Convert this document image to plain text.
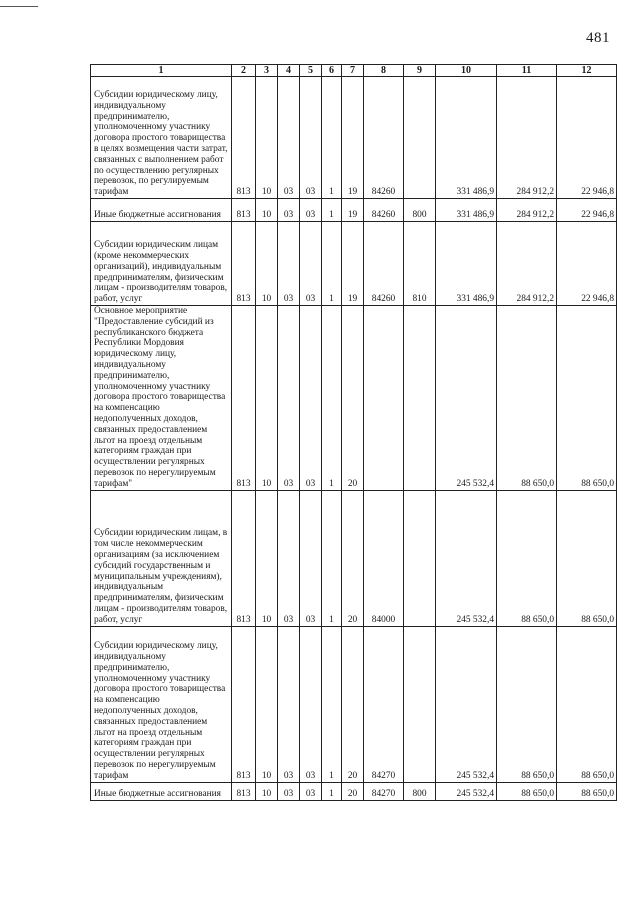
481
1	2	3	4	5	6	7	8	9	10	11	12
Субсидии юридическому лицу, индивидуальному предпринимателю, уполномоченному участнику договора простого товарищества в целях возмещения части затрат, связанных с выполнением работ по осуществлению регулярных перевозок, по регулируемым тарифам	813	10	03	03	1	19	84260		331 486,9	284 912,2	22 946,8
Иные бюджетные ассигнования	813	10	03	03	1	19	84260	800	331 486,9	284 912,2	22 946,8
Субсидии юридическим лицам (кроме некоммерческих организаций), индивидуальным предпринимателям, физическим лицам - производителям товаров, работ, услуг	813	10	03	03	1	19	84260	810	331 486,9	284 912,2	22 946,8
Основное мероприятие "Предоставление субсидий из республиканского бюджета Республики Мордовия юридическому лицу, индивидуальному предпринимателю, уполномоченному участнику договора простого товарищества на компенсацию недополученных доходов, связанных предоставлением льгот на проезд отдельным категориям граждан при осуществлении регулярных перевозок по нерегулируемым тарифам"	813	10	03	03	1	20			245 532,4	88 650,0	88 650,0
Субсидии юридическим лицам, в том числе некоммерческим организациям (за исключением субсидий государственным и муниципальным учреждениям), индивидуальным предпринимателям, физическим лицам - производителям товаров, работ, услуг	813	10	03	03	1	20	84000		245 532,4	88 650,0	88 650,0
Субсидии юридическому лицу, индивидуальному предпринимателю, уполномоченному участнику договора простого товарищества на компенсацию недополученных доходов, связанных предоставлением льгот на проезд отдельным категориям граждан при осуществлении регулярных перевозок по нерегулируемым тарифам	813	10	03	03	1	20	84270		245 532,4	88 650,0	88 650,0
Иные бюджетные ассигнования	813	10	03	03	1	20	84270	800	245 532,4	88 650,0	88 650,0
